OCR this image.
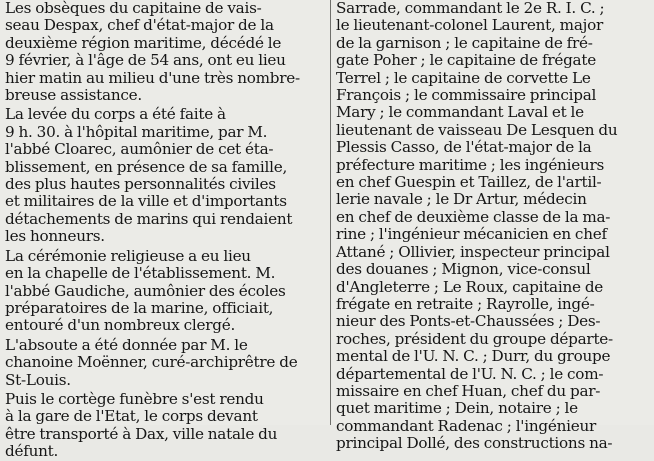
Les obsèques du capitaine de vais-
seau Despax, chef d'état-major de la
deuxième région maritime, décédé le
9 février, à l'âge de 54 ans, ont eu lieu
hier matin au milieu d'une très nombre-
breuse assistance.
La levée du corps a été faite à
9 h. 30. à l'hôpital maritime, par M.
l'abbé Cloarec, aumônier de cet éta-
blissement, en présence de sa famille,
des plus hautes personnalités civiles
et militaires de la ville et d'importants
détachements de marins qui rendaient
les honneurs.
La cérémonie religieuse a eu lieu
en la chapelle de l'établissement. M.
l'abbé Gaudiche, aumônier des écoles
préparatoires de la marine, officiait,
entouré d'un nombreux clergé.
L'absoute a été donnée par M. le
chanoine Moënner, curé-archiprêtre de
St-Louis.
Puis le cortège funèbre s'est rendu
à la gare de l'Etat, le corps devant
être transporté à Dax, ville natale du
défunt.
Sarrade, commandant le 2e R. I. C. ;
le lieutenant-colonel Laurent, major
de la garnison ; le capitaine de fré-
gate Poher ; le capitaine de frégate
Terrel ; le capitaine de corvette Le
François ; le commissaire principal
Mary ; le commandant Laval et le
lieutenant de vaisseau De Lesquen du
Plessis Casso, de l'état-major de la
préfecture maritime ; les ingénieurs
en chef Guespin et Taillez, de l'artil-
lerie navale ; le Dr Artur, médecin
en chef de deuxième classe de la ma-
rine ; l'ingénieur mécanicien en chef
Attané ; Ollivier, inspecteur principal
des douanes ; Mignon, vice-consul
d'Angleterre ; Le Roux, capitaine de
frégate en retraite ; Rayrolle, ingé-
nieur des Ponts-et-Chaussées ; Des-
roches, président du groupe départe-
mental de l'U. N. C. ; Durr, du groupe
départemental de l'U. N. C. ; le com-
missaire en chef Huan, chef du par-
quet maritime ; Dein, notaire ; le
commandant Radenac ; l'ingénieur
principal Dollé, des constructions na-
